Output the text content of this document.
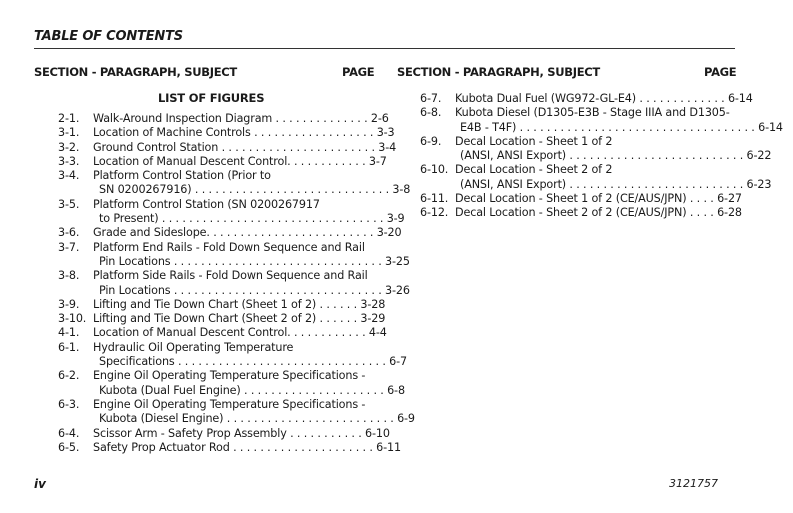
TABLE OF CONTENTS
SECTION - PARAGRAPH, SUBJECT	PAGE SECTION - PARAGRAPH, SUBJECT	PAGE
LIST OF FIGURES
2-1.	Walk-Around Inspection Diagram . . . . . . . . . . . . . . 2-6
3-1.	Location of Machine Controls . . . . . . . . . . . . . . . . . . 3-3
3-2.	Ground Control Station . . . . . . . . . . . . . . . . . . . . . . . 3-4
3-3.	Location of Manual Descent Control. . . . . . . . . . . . 3-7
3-4.	Platform Control Station (Prior to
SN 0200267916) . . . . . . . . . . . . . . . . . . . . . . . . . . . . . 3-8
3-5.	Platform Control Station (SN 0200267917
to Present) . . . . . . . . . . . . . . . . . . . . . . . . . . . . . . . . . 3-9
3-6.	Grade and Sideslope. . . . . . . . . . . . . . . . . . . . . . . . . 3-20
3-7.	Platform End Rails - Fold Down Sequence and Rail
Pin Locations . . . . . . . . . . . . . . . . . . . . . . . . . . . . . . . 3-25
3-8.	Platform Side Rails - Fold Down Sequence and Rail
Pin Locations . . . . . . . . . . . . . . . . . . . . . . . . . . . . . . . 3-26
3-9.	Lifting and Tie Down Chart (Sheet 1 of 2) . . . . . . 3-28
3-10. Lifting and Tie Down Chart (Sheet 2 of 2) . . . . . . 3-29
4-1.	Location of Manual Descent Control. . . . . . . . . . . . 4-4
6-1.	Hydraulic Oil Operating Temperature
Specifications . . . . . . . . . . . . . . . . . . . . . . . . . . . . . . . 6-7
6-2.	Engine Oil Operating Temperature Specifications -
Kubota (Dual Fuel Engine) . . . . . . . . . . . . . . . . . . . . . 6-8
6-3.	Engine Oil Operating Temperature Specifications -
Kubota (Diesel Engine) . . . . . . . . . . . . . . . . . . . . . . . . . 6-9
6-4.	Scissor Arm - Safety Prop Assembly . . . . . . . . . . . 6-10
6-5.	Safety Prop Actuator Rod . . . . . . . . . . . . . . . . . . . . . 6-11
6-7.	Kubota Dual Fuel (WG972-GL-E4) . . . . . . . . . . . . . 6-14
6-8.	Kubota Diesel (D1305-E3B - Stage IIIA and D1305-
E4B - T4F) . . . . . . . . . . . . . . . . . . . . . . . . . . . . . . . . . . . 6-14
6-9.	Decal Location - Sheet 1 of 2
(ANSI, ANSI Export) . . . . . . . . . . . . . . . . . . . . . . . . . . 6-22
6-10. Decal Location - Sheet 2 of 2
(ANSI, ANSI Export) . . . . . . . . . . . . . . . . . . . . . . . . . . 6-23
6-11. Decal Location - Sheet 1 of 2 (CE/AUS/JPN) . . . . 6-27
6-12. Decal Location - Sheet 2 of 2 (CE/AUS/JPN) . . . . 6-28
iv	3121757
